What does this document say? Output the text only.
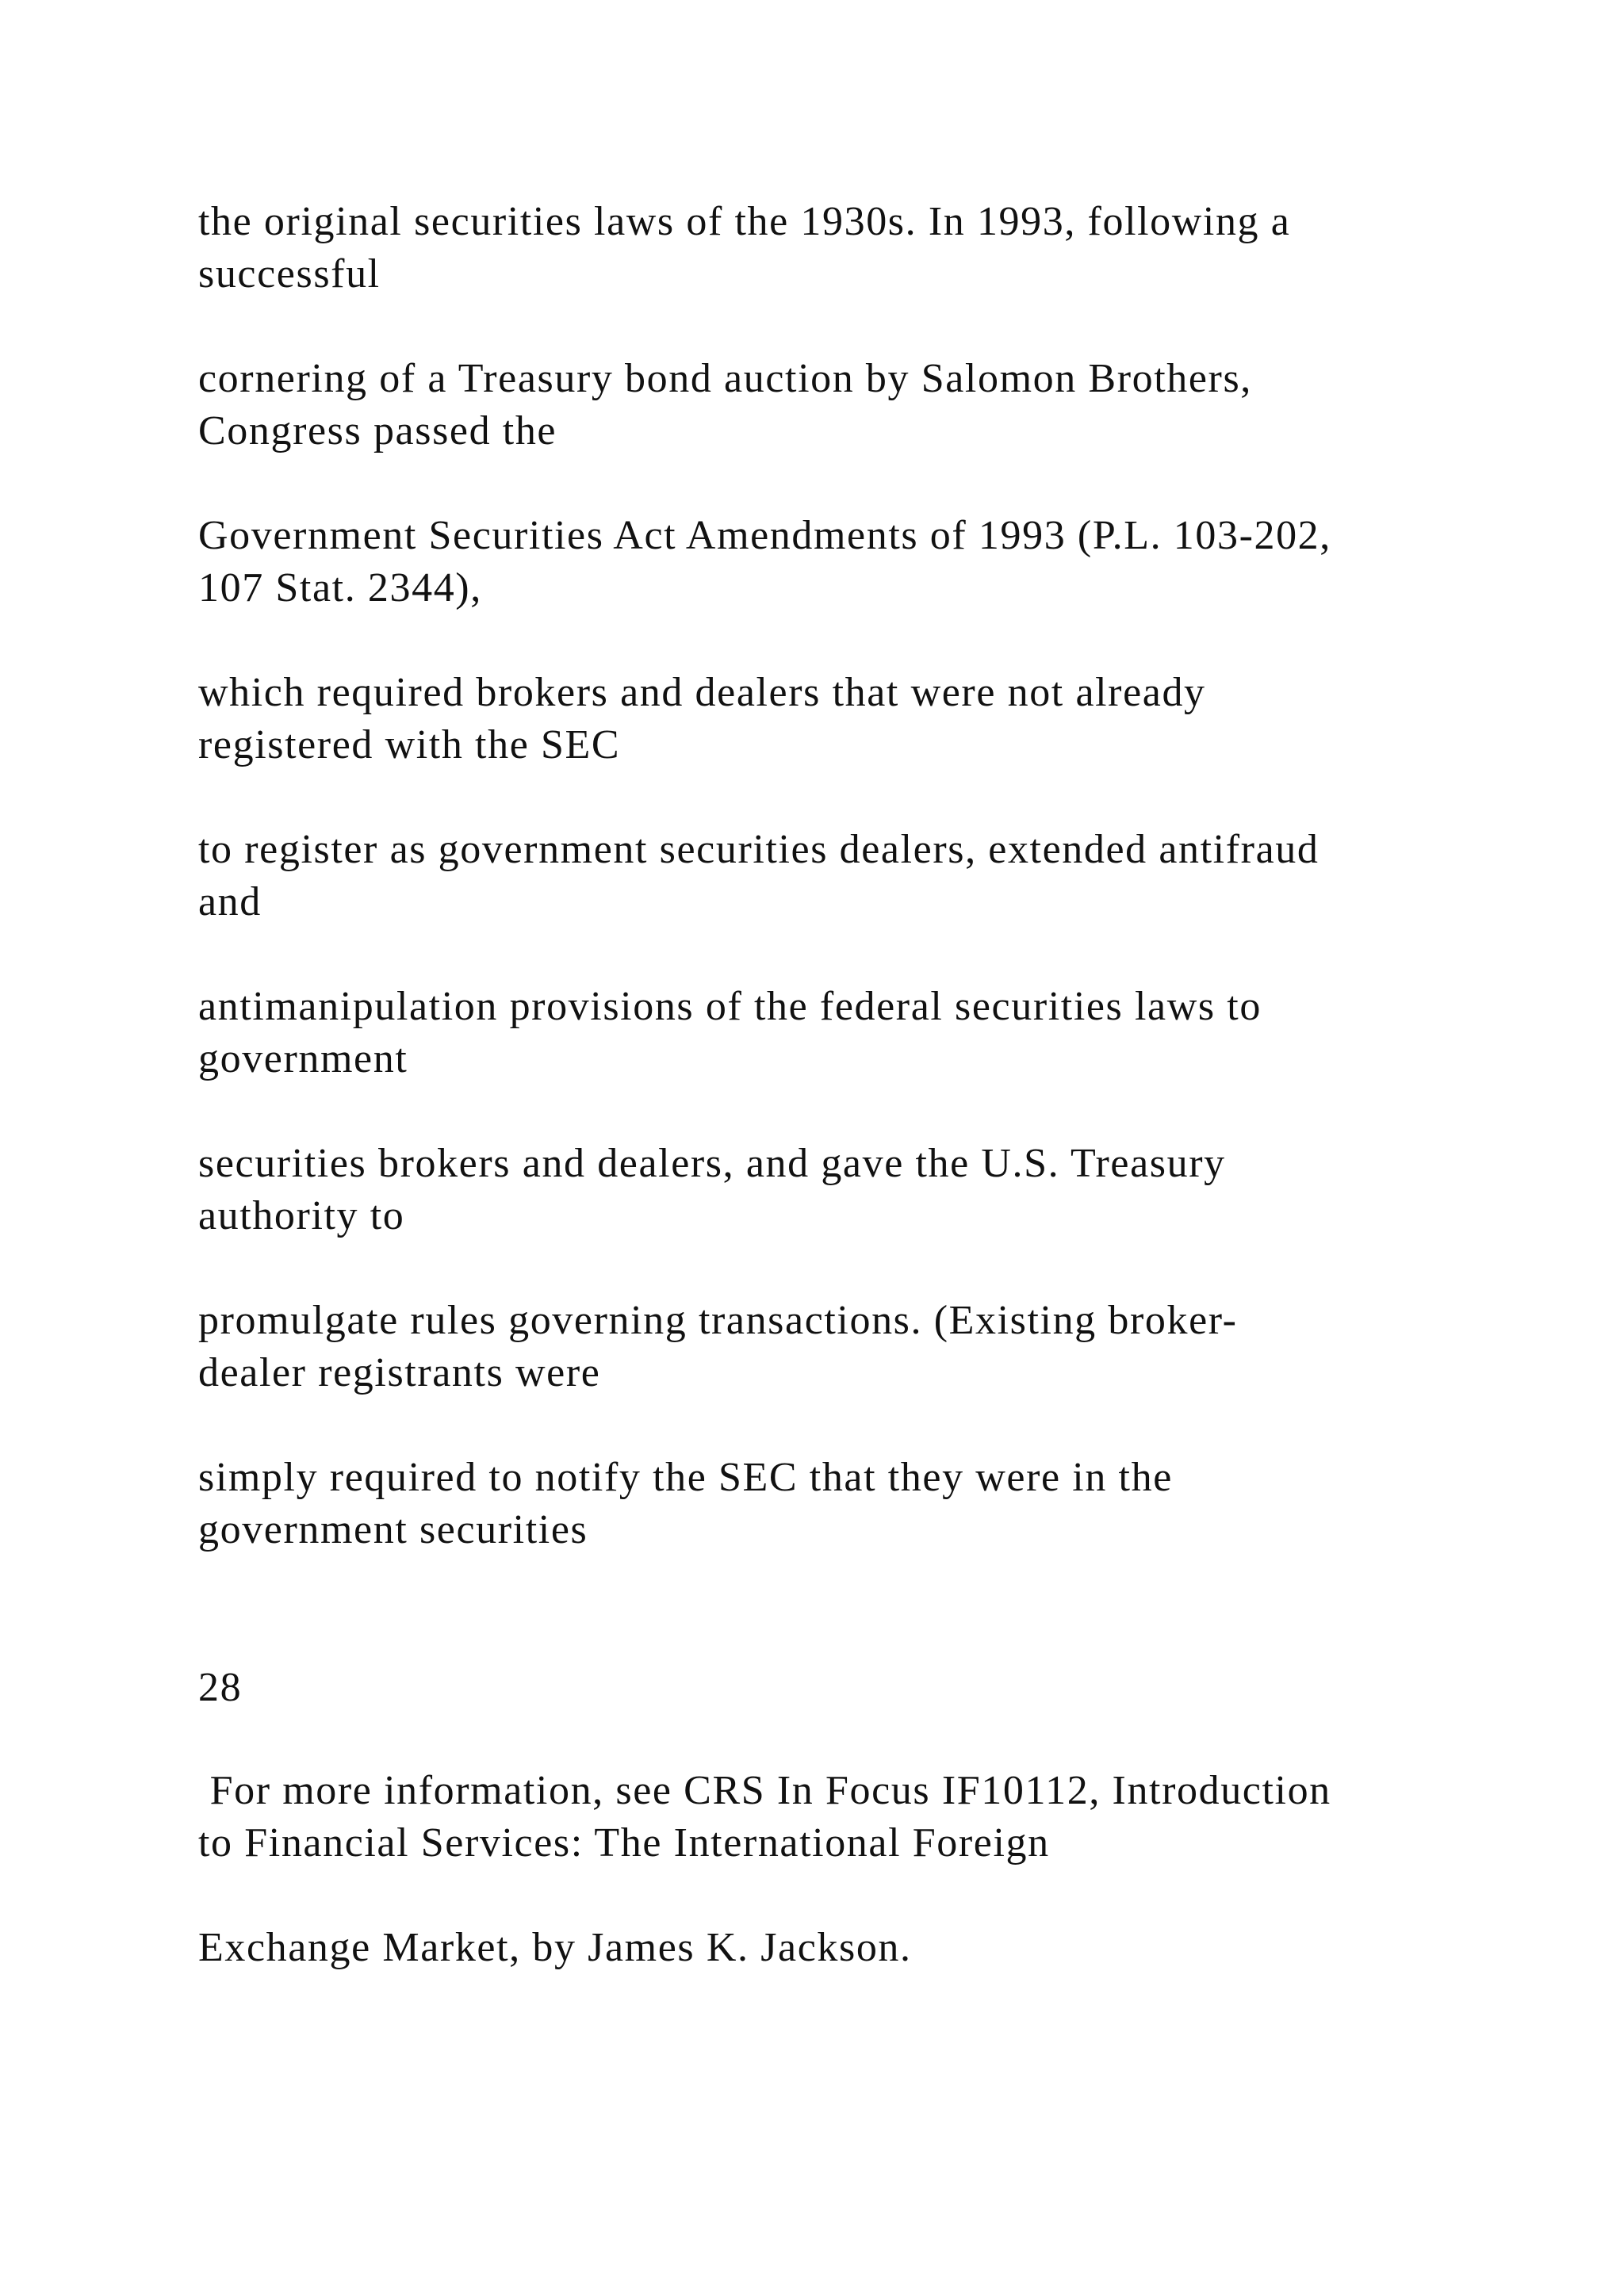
the original securities laws of the 1930s. In 1993, following a

successful

cornering of a Treasury bond auction by Salomon Brothers,

Congress passed the

Government Securities Act Amendments of 1993 (P.L. 103-202,

107 Stat. 2344),

which required brokers and dealers that were not already

registered with the SEC

to register as government securities dealers, extended antifraud

and

antimanipulation provisions of the federal securities laws to

government

securities brokers and dealers, and gave the U.S. Treasury

authority to

promulgate rules governing transactions. (Existing broker-

dealer registrants were

simply required to notify the SEC that they were in the

government securities

28

For more information, see CRS In Focus IF10112, Introduction

to Financial Services: The International Foreign

Exchange Market, by James K. Jackson.
